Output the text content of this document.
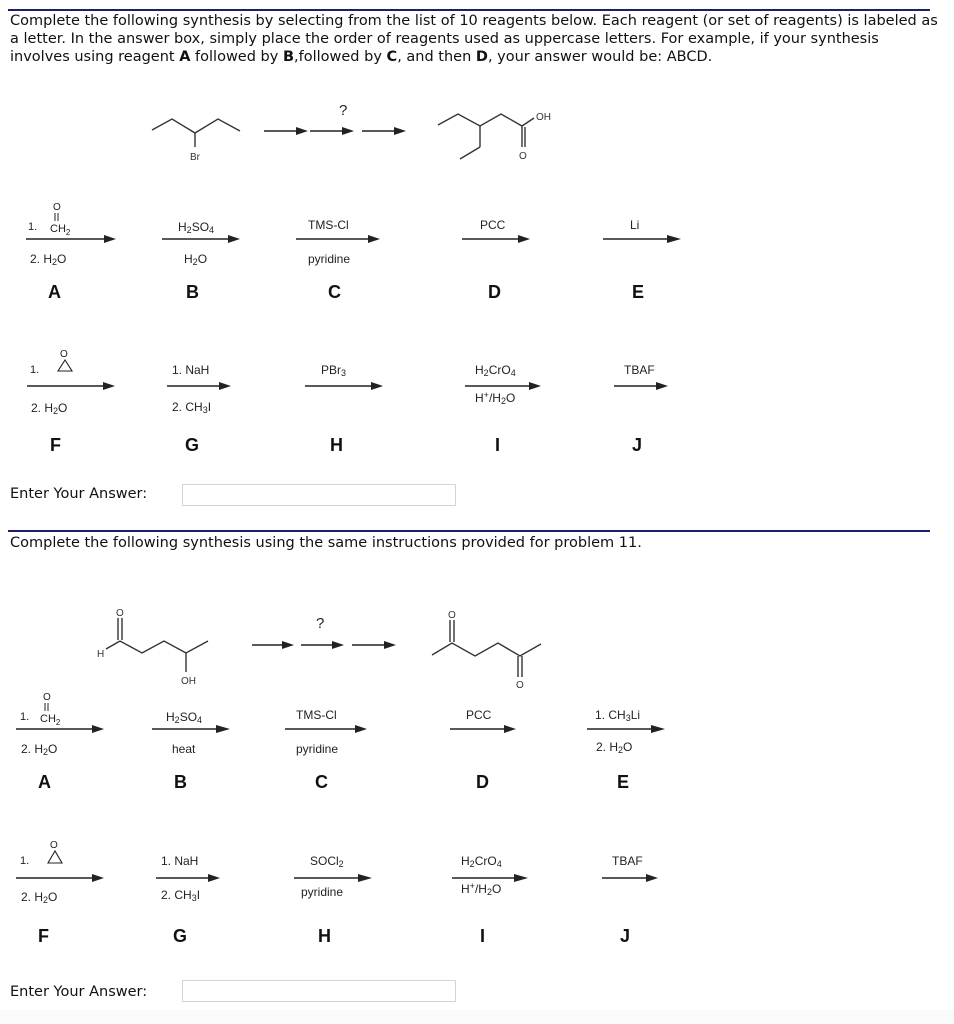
Complete the following synthesis by selecting from the list of 10 reagents below. Each reagent (or set of reagents) is labeled as a letter. In the answer box, simply place the order of reagents used as uppercase letters. For example, if your synthesis involves using reagent A followed by B,followed by C, and then D, your answer would be: ABCD.
Br
?	OH
O
1.
O
$CH_2$
2. $H_2O$
A
$H_2SO_4$
$H_2O$
B
TMS-Cl
pyridine
C
PCC
D
Li
E
1.
O
2. $H_2O$
F
1. NaH
2. $CH_3I$
G
PBr$_3$
H
$H_2CrO_4$
$H^+/H_2O$
I
TBAF
J
Enter Your Answer:
Complete the following synthesis using the same instructions provided for problem 11.
O
H
OH
?	O
O
1.
O
$CH_2$
2. $H_2O$
A
$H_2SO_4$
heat
B
TMS-Cl
pyridine
C
PCC
D
1. $CH_3Li$
2. $H_2O$
E
1.
O
2. $H_2O$
F
1. NaH
2. $CH_3I$
G
SOCl$_2$
pyridine
H
$H_2CrO_4$
$H^+/H_2O$
I
TBAF
J
Enter Your Answer:
